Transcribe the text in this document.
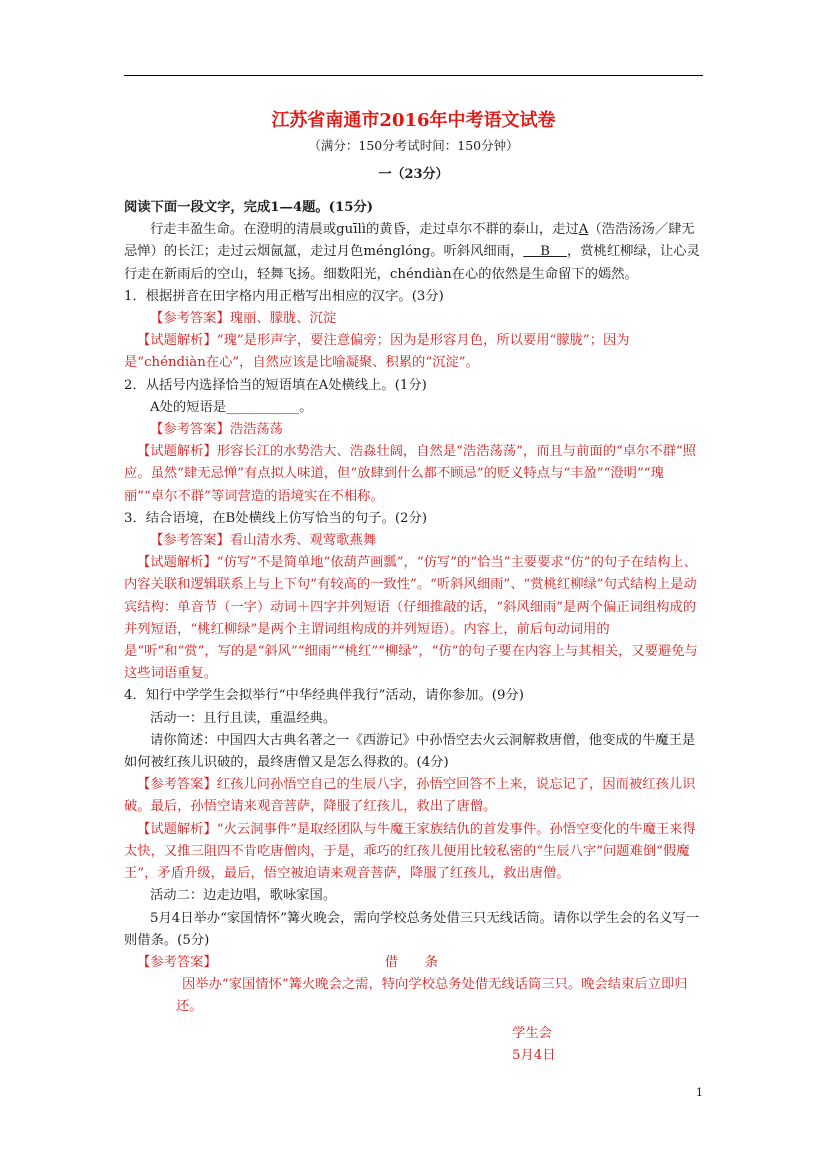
江苏省南通市2016年中考语文试卷
（满分：150分考试时间：150分钟）
一（23分）

阅读下面一段文字，完成1—4题。(15分)

行走丰盈生命。在澄明的清晨或guīlì的黄昏，走过卓尔不群的泰山，走过A（浩浩汤汤／肆无忌惮）的长江；走过云烟氤氲，走过月色ménglóng。听斜风细雨， B ，赏桃红柳绿，让心灵行走在新雨后的空山，轻舞飞扬。细数阳光，chéndiàn在心的依然是生命留下的嫣然。

1．根据拼音在田字格内用正楷写出相应的汉字。(3分)

【参考答案】瑰丽、朦胧、沉淀

【试题解析】“瑰”是形声字，要注意偏旁；因为是形容月色，所以要用“朦胧”；因为是“chéndiàn在心”，自然应该是比喻凝聚、积累的“沉淀”。

2．从括号内选择恰当的短语填在A处横线上。(1分)

A处的短语是___________。

【参考答案】浩浩荡荡

【试题解析】形容长江的水势浩大、浩淼壮阔，自然是“浩浩荡荡”，而且与前面的“卓尔不群”照应。虽然“肆无忌惮”有点拟人味道，但“放肆到什么都不顾忌”的贬义特点与“丰盈”“澄明”“瑰丽”“卓尔不群”等词营造的语境实在不相称。

3．结合语境，在B处横线上仿写恰当的句子。(2分)

【参考答案】看山清水秀、观莺歌燕舞

【试题解析】“仿写”不是简单地“依葫芦画瓢”，“仿写”的“恰当”主要要求“仿”的句子在结构上、内容关联和逻辑联系上与上下句“有较高的一致性”。“听斜风细雨”、“赏桃红柳绿”句式结构上是动宾结构：单音节（一字）动词＋四字并列短语（仔细推敲的话，“斜风细雨”是两个偏正词组构成的并列短语，“桃红柳绿”是两个主谓词组构成的并列短语）。内容上，前后句动词用的是“听”和“赏”，写的是“斜风”“细雨”“桃红”“柳绿”，“仿”的句子要在内容上与其相关，又要避免与这些词语重复。

4．知行中学学生会拟举行“中华经典伴我行”活动，请你参加。(9分)

活动一：且行且读，重温经典。

请你简述：中国四大古典名著之一《西游记》中孙悟空去火云洞解救唐僧，他变成的牛魔王是如何被红孩儿识破的，最终唐僧又是怎么得救的。(4分)

【参考答案】红孩儿问孙悟空自己的生辰八字，孙悟空回答不上来，说忘记了，因而被红孩儿识破。最后，孙悟空请来观音菩萨，降服了红孩儿，救出了唐僧。

【试题解析】“火云洞事件”是取经团队与牛魔王家族结仇的首发事件。孙悟空变化的牛魔王来得太快，又推三阻四不肯吃唐僧肉，于是，乖巧的红孩儿便用比较私密的“生辰八字”问题难倒“假魔王”，矛盾升级，最后，悟空被迫请来观音菩萨，降服了红孩儿，救出唐僧。

活动二：边走边唱，歌咏家国。

5月4日举办“家国情怀”篝火晚会，需向学校总务处借三只无线话筒。请你以学生会的名义写一则借条。(5分)

【参考答案】	借　　条

因举办“家国情怀”篝火晚会之需，特向学校总务处借无线话筒三只。晚会结束后立即归还。

学生会

5月4日

1
